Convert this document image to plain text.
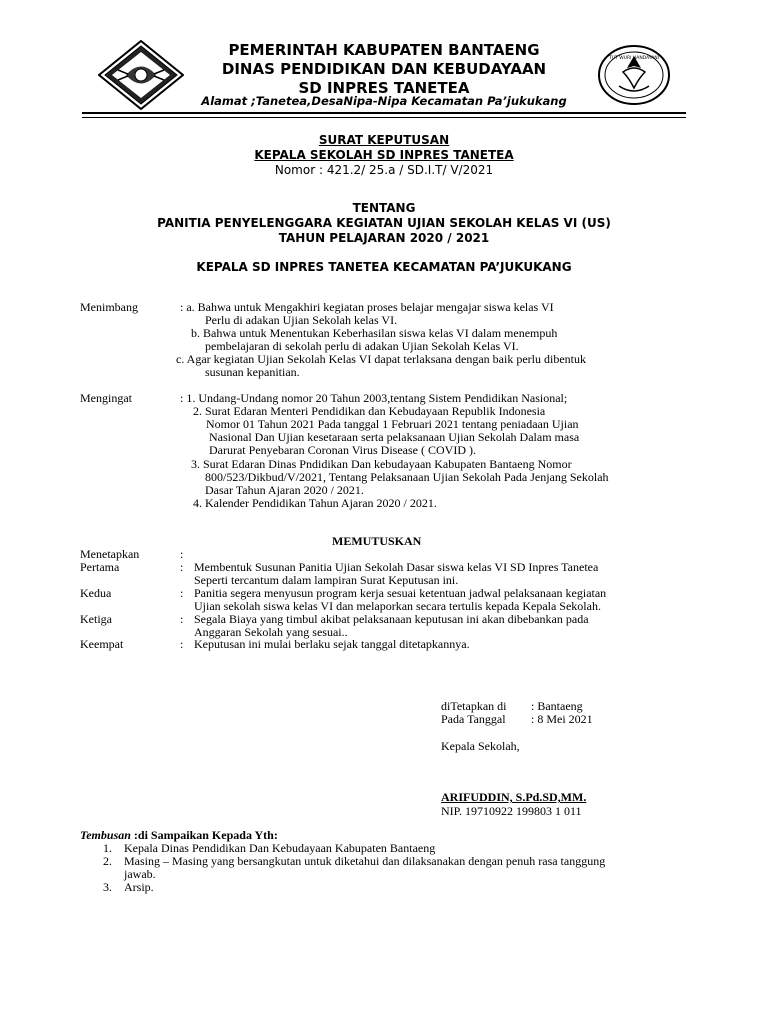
TUT WURI HANDAYANI
PEMERINTAH KABUPATEN BANTAENG
DINAS PENDIDIKAN DAN KEBUDAYAAN
SD INPRES TANETEA
Alamat ;Tanetea,DesaNipa-Nipa Kecamatan Pa’jukukang
SURAT KEPUTUSAN
KEPALA SEKOLAH SD INPRES TANETEA
Nomor : 421.2/ 25.a / SD.I.T/ V/2021
TENTANG
PANITIA PENYELENGGARA KEGIATAN UJIAN SEKOLAH KELAS VI (US)
TAHUN PELAJARAN 2020 / 2021
KEPALA SD INPRES TANETEA KECAMATAN PA’JUKUKANG
Menimbang	: a. Bahwa untuk Mengakhiri kegiatan proses belajar mengajar siswa kelas VI
Perlu di adakan Ujian Sekolah kelas VI.
b. Bahwa untuk Menentukan Keberhasilan siswa kelas VI dalam menempuh
pembelajaran di sekolah perlu di adakan Ujian Sekolah Kelas VI.
c. Agar kegiatan Ujian Sekolah Kelas VI dapat terlaksana dengan baik perlu dibentuk
susunan kepanitian.
Mengingat	: 1. Undang-Undang nomor 20 Tahun 2003,tentang Sistem Pendidikan Nasional;
2. Surat Edaran Menteri Pendidikan dan Kebudayaan Republik Indonesia
Nomor 01 Tahun 2021 Pada tanggal 1 Februari 2021 tentang peniadaan Ujian
Nasional Dan Ujian kesetaraan serta pelaksanaan Ujian Sekolah Dalam masa
Darurat Penyebaran Coronan Virus Disease ( COVID ).
3. Surat Edaran Dinas Pndidikan Dan kebudayaan Kabupaten Bantaeng Nomor
800/523/Dikbud/V/2021, Tentang Pelaksanaan Ujian Sekolah Pada Jenjang Sekolah
Dasar Tahun Ajaran 2020 / 2021.
4. Kalender Pendidikan Tahun Ajaran 2020 / 2021.
MEMUTUSKAN
Menetapkan	:
Pertama	: Membentuk Susunan Panitia Ujian Sekolah Dasar siswa kelas VI SD Inpres Tanetea
Seperti tercantum dalam lampiran Surat Keputusan ini.
Kedua	: Panitia segera menyusun program kerja sesuai ketentuan jadwal pelaksanaan kegiatan
Ujian sekolah siswa kelas VI dan melaporkan secara tertulis kepada Kepala Sekolah.
Ketiga	: Segala Biaya yang timbul akibat pelaksanaan keputusan ini akan dibebankan pada
Anggaran Sekolah yang sesuai..
Keempat	: Keputusan ini mulai berlaku sejak tanggal ditetapkannya.
diTetapkan di : Bantaeng
Pada Tanggal : 8 Mei 2021
Kepala Sekolah,
ARIFUDDIN, S.Pd.SD,MM.
NIP. 19710922 199803 1 011
Tembusan :di Sampaikan Kepada Yth:
1. Kepala Dinas Pendidikan Dan Kebudayaan Kabupaten Bantaeng
2. Masing – Masing yang bersangkutan untuk diketahui dan dilaksanakan dengan penuh rasa tanggung
jawab.
3. Arsip.
